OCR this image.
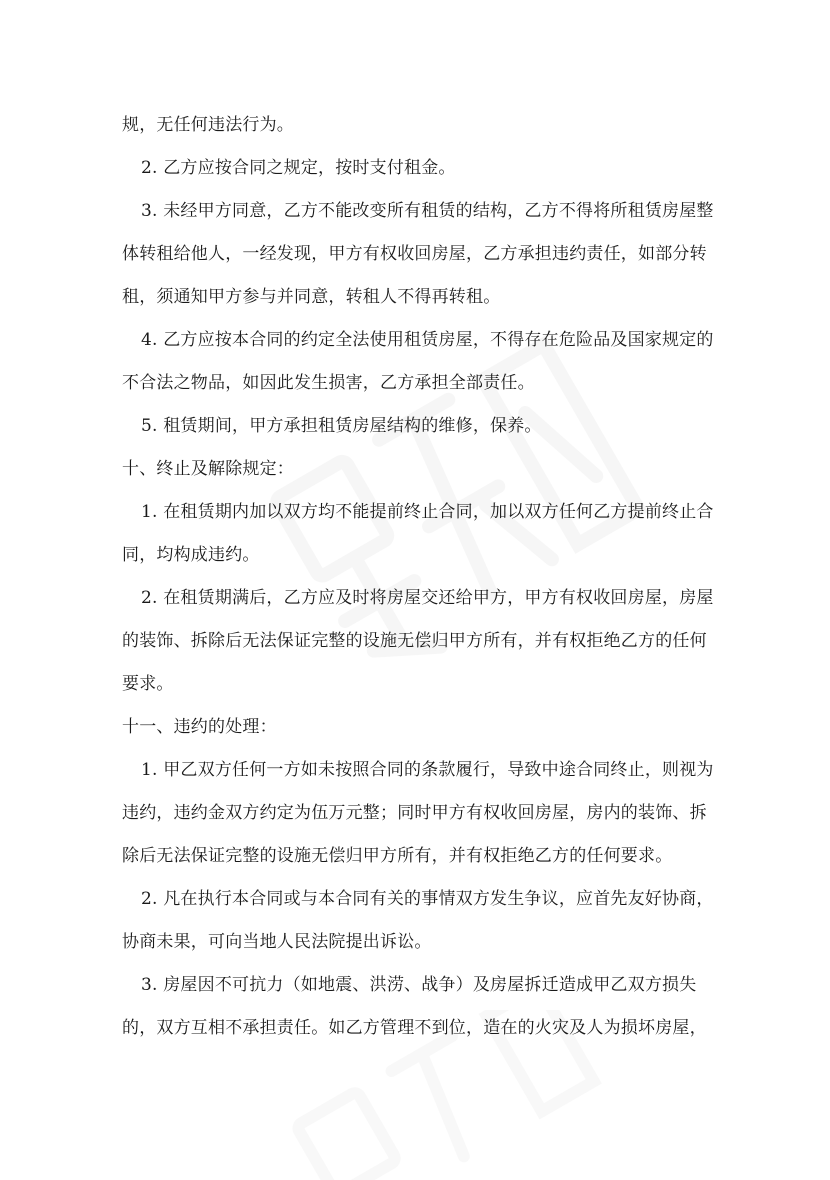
规，无任何违法行为。
2. 乙方应按合同之规定，按时支付租金。
3. 未经甲方同意，乙方不能改变所有租赁的结构，乙方不得将所租赁房屋整
体转租给他人，一经发现，甲方有权收回房屋，乙方承担违约责任，如部分转
租，须通知甲方参与并同意，转租人不得再转租。
4. 乙方应按本合同的约定全法使用租赁房屋，不得存在危险品及国家规定的
不合法之物品，如因此发生损害，乙方承担全部责任。
5. 租赁期间，甲方承担租赁房屋结构的维修，保养。
十、终止及解除规定：
1. 在租赁期内加以双方均不能提前终止合同，加以双方任何乙方提前终止合
同，均构成违约。
2. 在租赁期满后，乙方应及时将房屋交还给甲方，甲方有权收回房屋，房屋
的装饰、拆除后无法保证完整的设施无偿归甲方所有，并有权拒绝乙方的任何
要求。
十一、违约的处理：
1. 甲乙双方任何一方如未按照合同的条款履行，导致中途合同终止，则视为
违约，违约金双方约定为伍万元整；同时甲方有权收回房屋，房内的装饰、拆
除后无法保证完整的设施无偿归甲方所有，并有权拒绝乙方的任何要求。
2. 凡在执行本合同或与本合同有关的事情双方发生争议，应首先友好协商，
协商未果，可向当地人民法院提出诉讼。
3. 房屋因不可抗力（如地震、洪涝、战争）及房屋拆迁造成甲乙双方损失
的，双方互相不承担责任。如乙方管理不到位，造在的火灾及人为损坏房屋，
